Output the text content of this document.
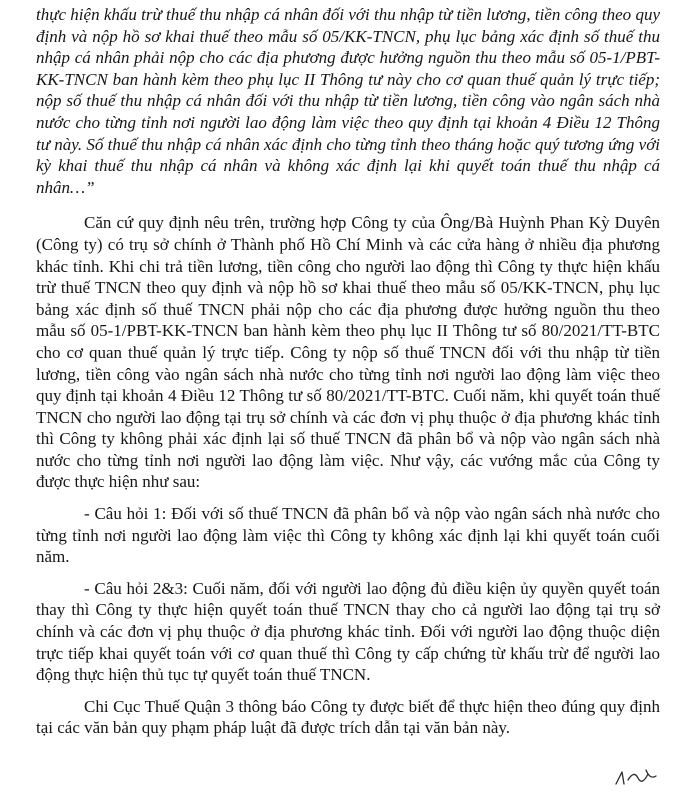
thực hiện khấu trừ thuế thu nhập cá nhân đối với thu nhập từ tiền lương, tiền công theo quy định và nộp hồ sơ khai thuế theo mẫu số 05/KK-TNCN, phụ lục bảng xác định số thuế thu nhập cá nhân phải nộp cho các địa phương được hưởng nguồn thu theo mẫu số 05-1/PBT-KK-TNCN ban hành kèm theo phụ lục II Thông tư này cho cơ quan thuế quản lý trực tiếp; nộp số thuế thu nhập cá nhân đối với thu nhập từ tiền lương, tiền công vào ngân sách nhà nước cho từng tỉnh nơi người lao động làm việc theo quy định tại khoản 4 Điều 12 Thông tư này. Số thuế thu nhập cá nhân xác định cho từng tỉnh theo tháng hoặc quý tương ứng với kỳ khai thuế thu nhập cá nhân và không xác định lại khi quyết toán thuế thu nhập cá nhân…”

Căn cứ quy định nêu trên, trường hợp Công ty của Ông/Bà Huỳnh Phan Kỳ Duyên (Công ty) có trụ sở chính ở Thành phố Hồ Chí Minh và các cửa hàng ở nhiều địa phương khác tỉnh. Khi chi trả tiền lương, tiền công cho người lao động thì Công ty thực hiện khấu trừ thuế TNCN theo quy định và nộp hồ sơ khai thuế theo mẫu số 05/KK-TNCN, phụ lục bảng xác định số thuế TNCN phải nộp cho các địa phương được hưởng nguồn thu theo mẫu số 05-1/PBT-KK-TNCN ban hành kèm theo phụ lục II Thông tư số 80/2021/TT-BTC cho cơ quan thuế quản lý trực tiếp. Công ty nộp số thuế TNCN đối với thu nhập từ tiền lương, tiền công vào ngân sách nhà nước cho từng tỉnh nơi người lao động làm việc theo quy định tại khoản 4 Điều 12 Thông tư số 80/2021/TT-BTC. Cuối năm, khi quyết toán thuế TNCN cho người lao động tại trụ sở chính và các đơn vị phụ thuộc ở địa phương khác tỉnh thì Công ty không phải xác định lại số thuế TNCN đã phân bổ và nộp vào ngân sách nhà nước cho từng tỉnh nơi người lao động làm việc. Như vậy, các vướng mắc của Công ty được thực hiện như sau:

- Câu hỏi 1: Đối với số thuế TNCN đã phân bổ và nộp vào ngân sách nhà nước cho từng tỉnh nơi người lao động làm việc thì Công ty không xác định lại khi quyết toán cuối năm.

- Câu hỏi 2&3: Cuối năm, đối với người lao động đủ điều kiện ủy quyền quyết toán thay thì Công ty thực hiện quyết toán thuế TNCN thay cho cả người lao động tại trụ sở chính và các đơn vị phụ thuộc ở địa phương khác tỉnh. Đối với người lao động thuộc diện trực tiếp khai quyết toán với cơ quan thuế thì Công ty cấp chứng từ khấu trừ để người lao động thực hiện thủ tục tự quyết toán thuế TNCN.

Chi Cục Thuế Quận 3 thông báo Công ty được biết để thực hiện theo đúng quy định tại các văn bản quy phạm pháp luật đã được trích dẫn tại văn bản này.
